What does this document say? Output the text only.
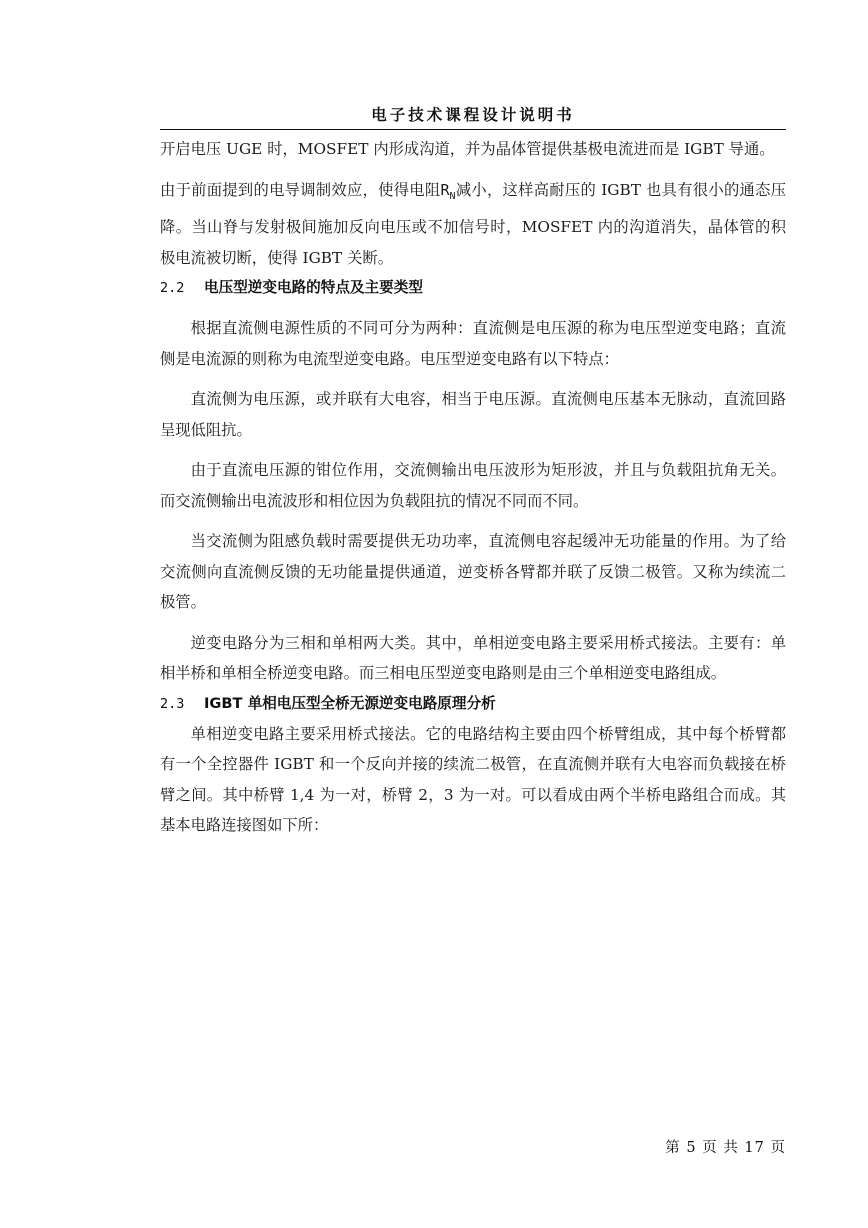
电子技术课程设计说明书

开启电压 UGE 时，MOSFET 内形成沟道，并为晶体管提供基极电流进而是 IGBT 导通。

由于前面提到的电导调制效应，使得电阻$R_N$减小，这样高耐压的 IGBT 也具有很小的通态压降。当山脊与发射极间施加反向电压或不加信号时，MOSFET 内的沟道消失，晶体管的积极电流被切断，使得 IGBT 关断。

2.2 电压型逆变电路的特点及主要类型

根据直流侧电源性质的不同可分为两种：直流侧是电压源的称为电压型逆变电路；直流侧是电流源的则称为电流型逆变电路。电压型逆变电路有以下特点：

直流侧为电压源，或并联有大电容，相当于电压源。直流侧电压基本无脉动，直流回路呈现低阻抗。

由于直流电压源的钳位作用，交流侧输出电压波形为矩形波，并且与负载阻抗角无关。而交流侧输出电流波形和相位因为负载阻抗的情况不同而不同。

当交流侧为阻感负载时需要提供无功功率，直流侧电容起缓冲无功能量的作用。为了给交流侧向直流侧反馈的无功能量提供通道，逆变桥各臂都并联了反馈二极管。又称为续流二极管。

逆变电路分为三相和单相两大类。其中，单相逆变电路主要采用桥式接法。主要有：单相半桥和单相全桥逆变电路。而三相电压型逆变电路则是由三个单相逆变电路组成。

2.3 IGBT 单相电压型全桥无源逆变电路原理分析

单相逆变电路主要采用桥式接法。它的电路结构主要由四个桥臂组成，其中每个桥臂都有一个全控器件 IGBT 和一个反向并接的续流二极管，在直流侧并联有大电容而负载接在桥臂之间。其中桥臂 1,4 为一对，桥臂 2，3 为一对。可以看成由两个半桥电路组合而成。其基本电路连接图如下所：

第 5 页 共 17 页
